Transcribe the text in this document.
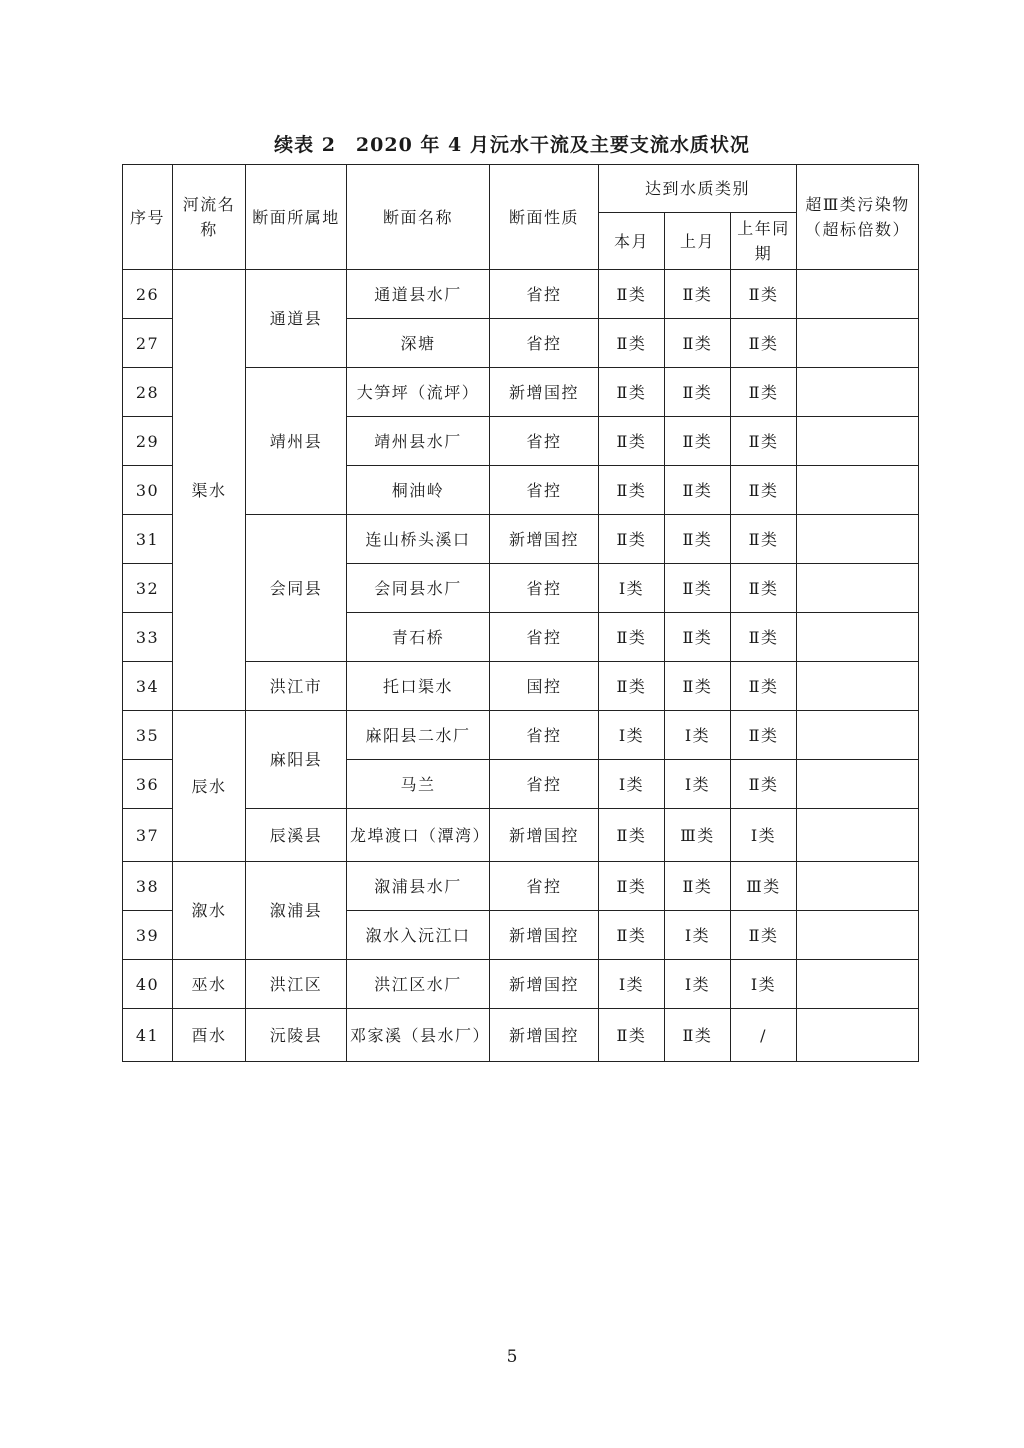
续表 2　2020 年 4 月沅水干流及主要支流水质状况
序号	河流名称	断面所属地	断面名称	断面性质	达到水质类别			超Ⅲ类污染物（超标倍数）
					本月	上月	上年同期	
26	渠水	通道县	通道县水厂	省控	Ⅱ类	Ⅱ类	Ⅱ类	
27			深塘	省控	Ⅱ类	Ⅱ类	Ⅱ类	
28		靖州县	大笋坪（流坪）	新增国控	Ⅱ类	Ⅱ类	Ⅱ类	
29			靖州县水厂	省控	Ⅱ类	Ⅱ类	Ⅱ类	
30			桐油岭	省控	Ⅱ类	Ⅱ类	Ⅱ类	
31		会同县	连山桥头溪口	新增国控	Ⅱ类	Ⅱ类	Ⅱ类	
32			会同县水厂	省控	Ⅰ类	Ⅱ类	Ⅱ类	
33			青石桥	省控	Ⅱ类	Ⅱ类	Ⅱ类	
34		洪江市	托口渠水	国控	Ⅱ类	Ⅱ类	Ⅱ类	
35	辰水	麻阳县	麻阳县二水厂	省控	Ⅰ类	Ⅰ类	Ⅱ类	
36			马兰	省控	Ⅰ类	Ⅰ类	Ⅱ类	
37		辰溪县	龙埠渡口（潭湾）	新增国控	Ⅱ类	Ⅲ类	Ⅰ类	
38	溆水	溆浦县	溆浦县水厂	省控	Ⅱ类	Ⅱ类	Ⅲ类	
39			溆水入沅江口	新增国控	Ⅱ类	Ⅰ类	Ⅱ类	
40	巫水	洪江区	洪江区水厂	新增国控	Ⅰ类	Ⅰ类	Ⅰ类	
41	酉水	沅陵县	邓家溪（县水厂）	新增国控	Ⅱ类	Ⅱ类	/	
5
